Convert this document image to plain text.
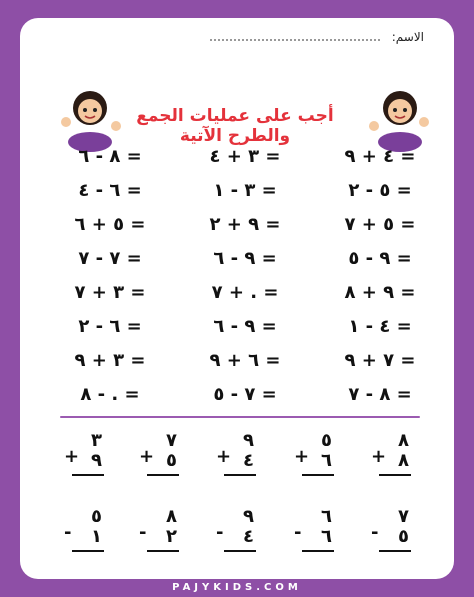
الاسم:
أجب على عمليات الجمع والطرح الآتية
٨ - ٦ =	٣ + ٤ =	٤ + ٩ =
٦ - ٤ =	٣ - ١ =	٥ - ٢ =
٥ + ٦ =	٩ + ٢ =	٥ + ٧ =
٧ - ٧ =	٩ - ٦ =	٩ - ٥ =
٣ + ٧ =	٧ + . =	٩ + ٨ =
٦ - ٢ =	٩ - ٦ =	٤ - ١ =
٣ + ٩ =	٦ + ٩ =	٧ + ٩ =
٨ - . =	٧ - ٥ =	٨ - ٧ =
٣
+ ٩
٧
+ ٥
٩
+ ٤
٥
+ ٦
٨
+ ٨
٥
- ١
٨
- ٢
٩
- ٤
٦
- ٦
٧
- ٥
PAJYKIDS.COM
